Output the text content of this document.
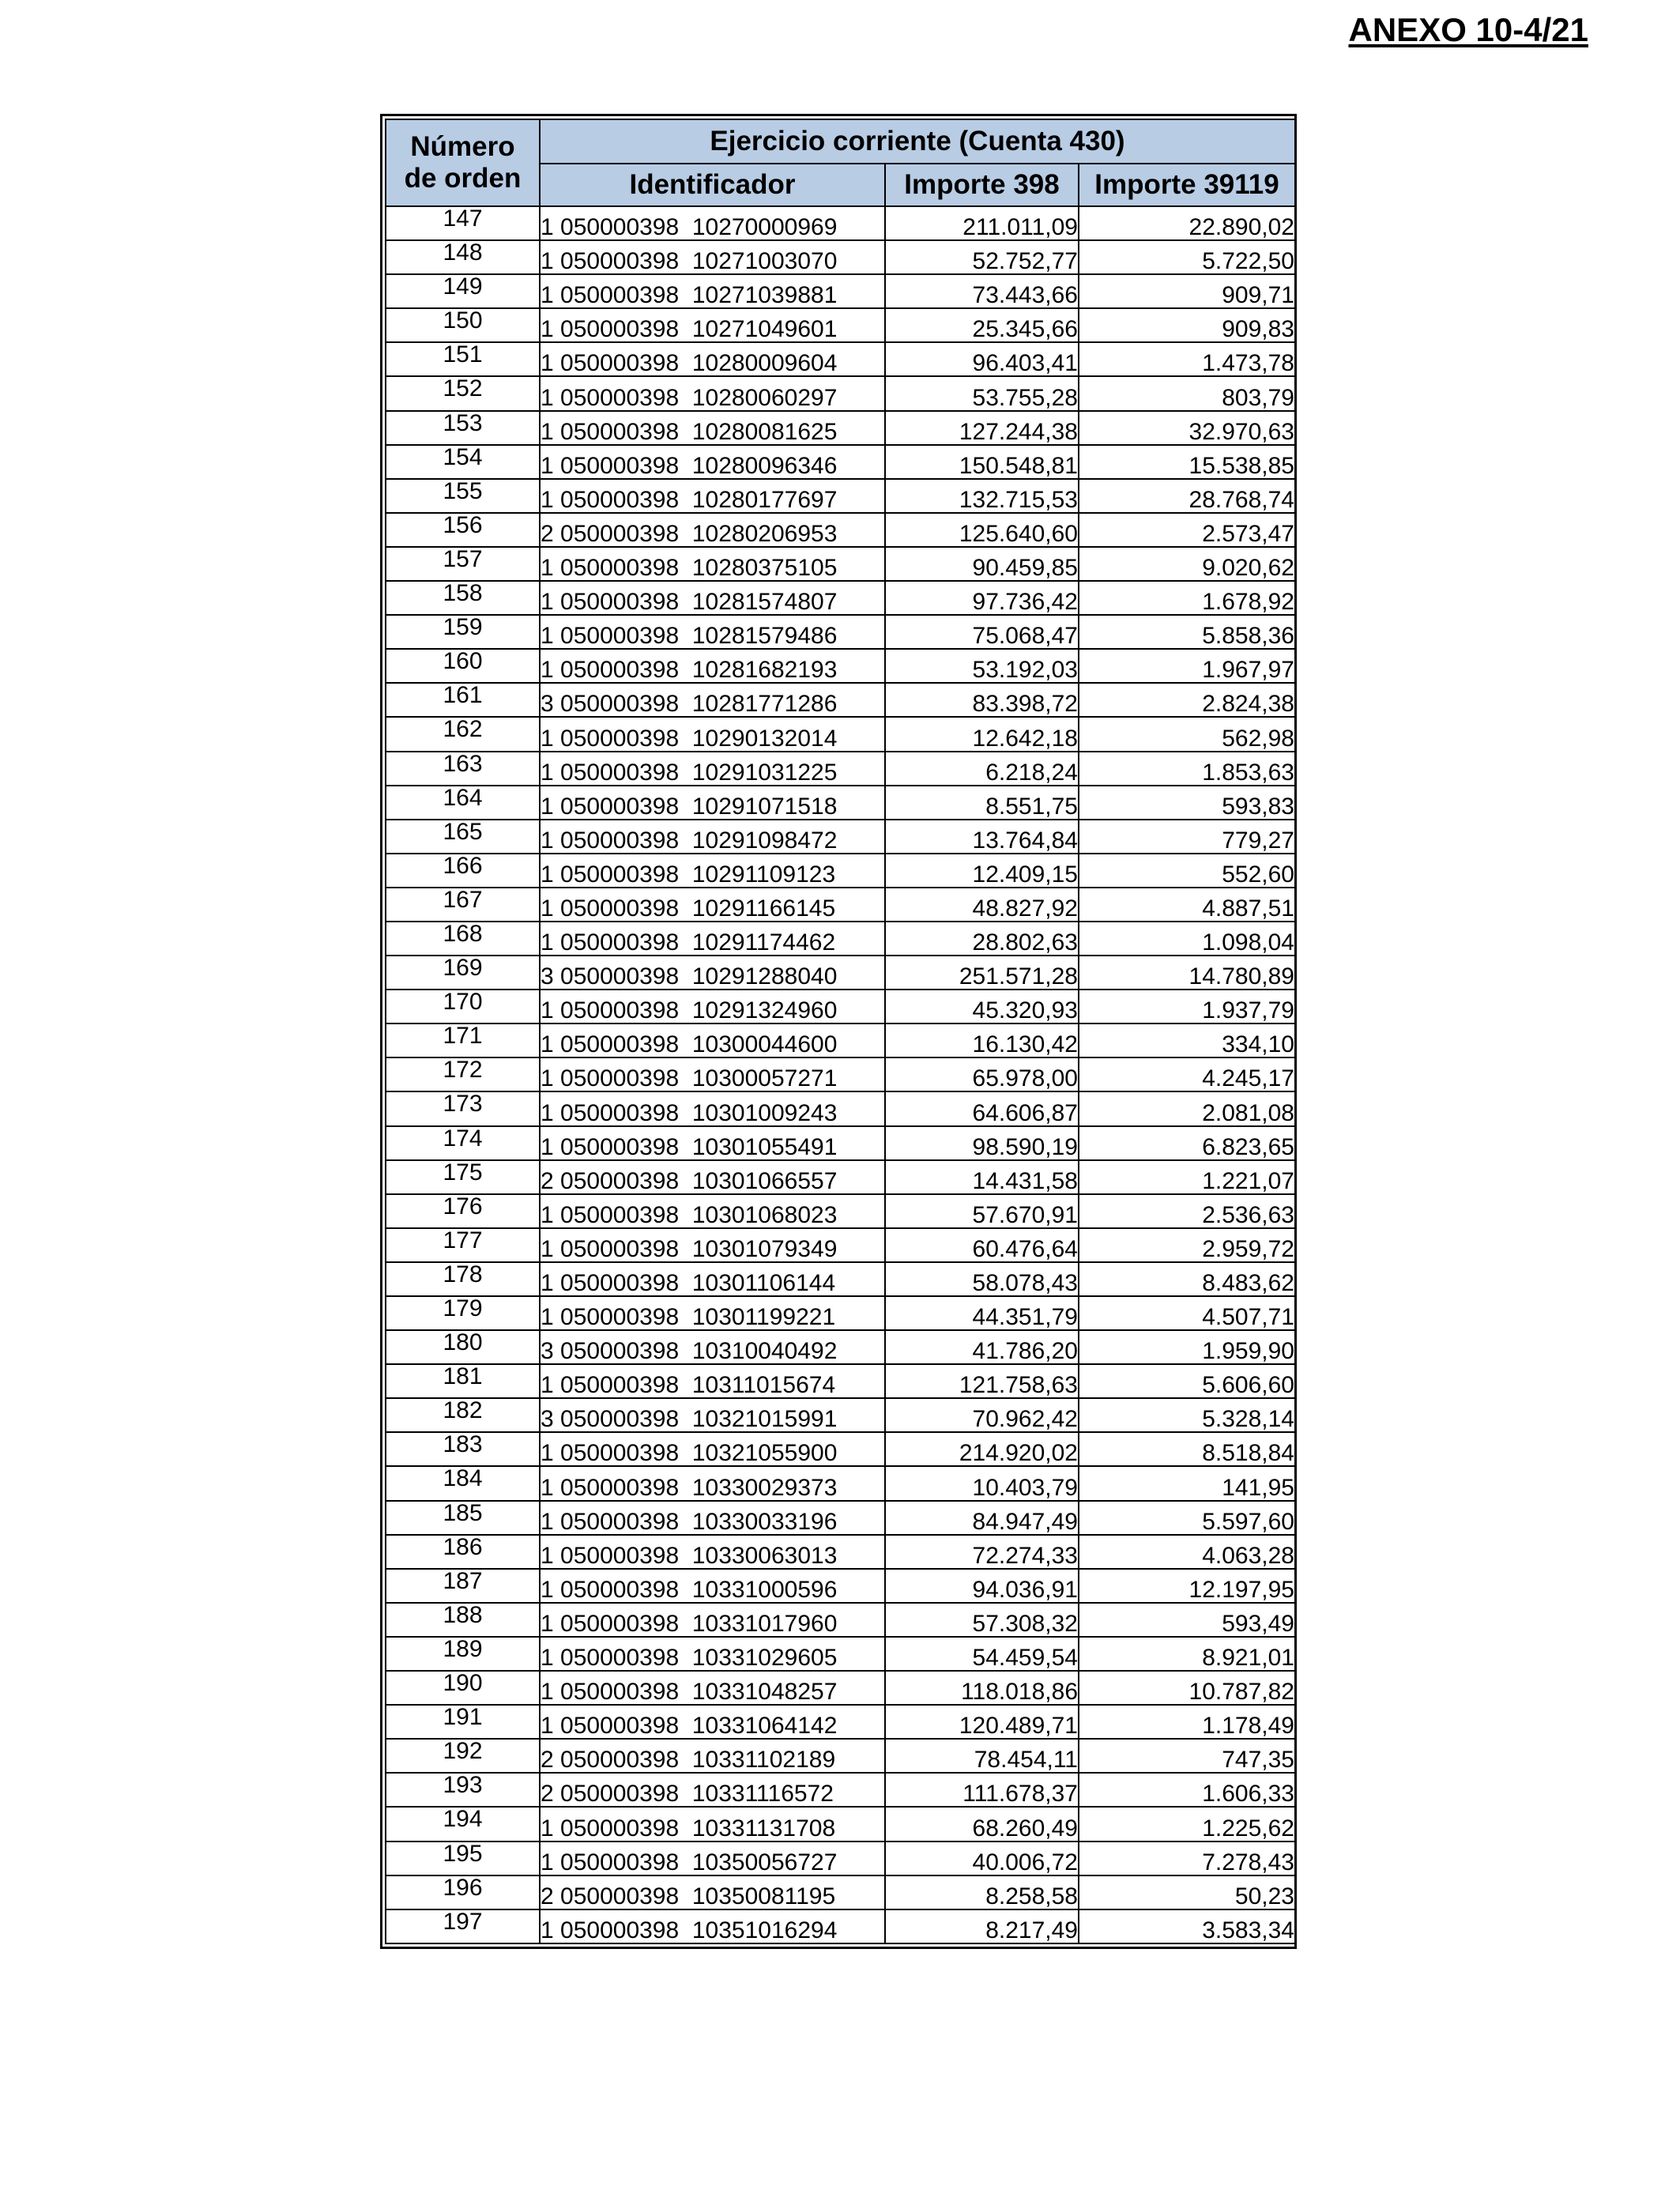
ANEXO 10-4/21
Número
de orden	Ejercicio corriente (Cuenta 430)		
	Identificador	Importe 398	Importe 39119
147	1 050000398  10270000969	211.011,09	22.890,02
148	1 050000398  10271003070	52.752,77	5.722,50
149	1 050000398  10271039881	73.443,66	909,71
150	1 050000398  10271049601	25.345,66	909,83
151	1 050000398  10280009604	96.403,41	1.473,78
152	1 050000398  10280060297	53.755,28	803,79
153	1 050000398  10280081625	127.244,38	32.970,63
154	1 050000398  10280096346	150.548,81	15.538,85
155	1 050000398  10280177697	132.715,53	28.768,74
156	2 050000398  10280206953	125.640,60	2.573,47
157	1 050000398  10280375105	90.459,85	9.020,62
158	1 050000398  10281574807	97.736,42	1.678,92
159	1 050000398  10281579486	75.068,47	5.858,36
160	1 050000398  10281682193	53.192,03	1.967,97
161	3 050000398  10281771286	83.398,72	2.824,38
162	1 050000398  10290132014	12.642,18	562,98
163	1 050000398  10291031225	6.218,24	1.853,63
164	1 050000398  10291071518	8.551,75	593,83
165	1 050000398  10291098472	13.764,84	779,27
166	1 050000398  10291109123	12.409,15	552,60
167	1 050000398  10291166145	48.827,92	4.887,51
168	1 050000398  10291174462	28.802,63	1.098,04
169	3 050000398  10291288040	251.571,28	14.780,89
170	1 050000398  10291324960	45.320,93	1.937,79
171	1 050000398  10300044600	16.130,42	334,10
172	1 050000398  10300057271	65.978,00	4.245,17
173	1 050000398  10301009243	64.606,87	2.081,08
174	1 050000398  10301055491	98.590,19	6.823,65
175	2 050000398  10301066557	14.431,58	1.221,07
176	1 050000398  10301068023	57.670,91	2.536,63
177	1 050000398  10301079349	60.476,64	2.959,72
178	1 050000398  10301106144	58.078,43	8.483,62
179	1 050000398  10301199221	44.351,79	4.507,71
180	3 050000398  10310040492	41.786,20	1.959,90
181	1 050000398  10311015674	121.758,63	5.606,60
182	3 050000398  10321015991	70.962,42	5.328,14
183	1 050000398  10321055900	214.920,02	8.518,84
184	1 050000398  10330029373	10.403,79	141,95
185	1 050000398  10330033196	84.947,49	5.597,60
186	1 050000398  10330063013	72.274,33	4.063,28
187	1 050000398  10331000596	94.036,91	12.197,95
188	1 050000398  10331017960	57.308,32	593,49
189	1 050000398  10331029605	54.459,54	8.921,01
190	1 050000398  10331048257	118.018,86	10.787,82
191	1 050000398  10331064142	120.489,71	1.178,49
192	2 050000398  10331102189	78.454,11	747,35
193	2 050000398  10331116572	111.678,37	1.606,33
194	1 050000398  10331131708	68.260,49	1.225,62
195	1 050000398  10350056727	40.006,72	7.278,43
196	2 050000398  10350081195	8.258,58	50,23
197	1 050000398  10351016294	8.217,49	3.583,34
